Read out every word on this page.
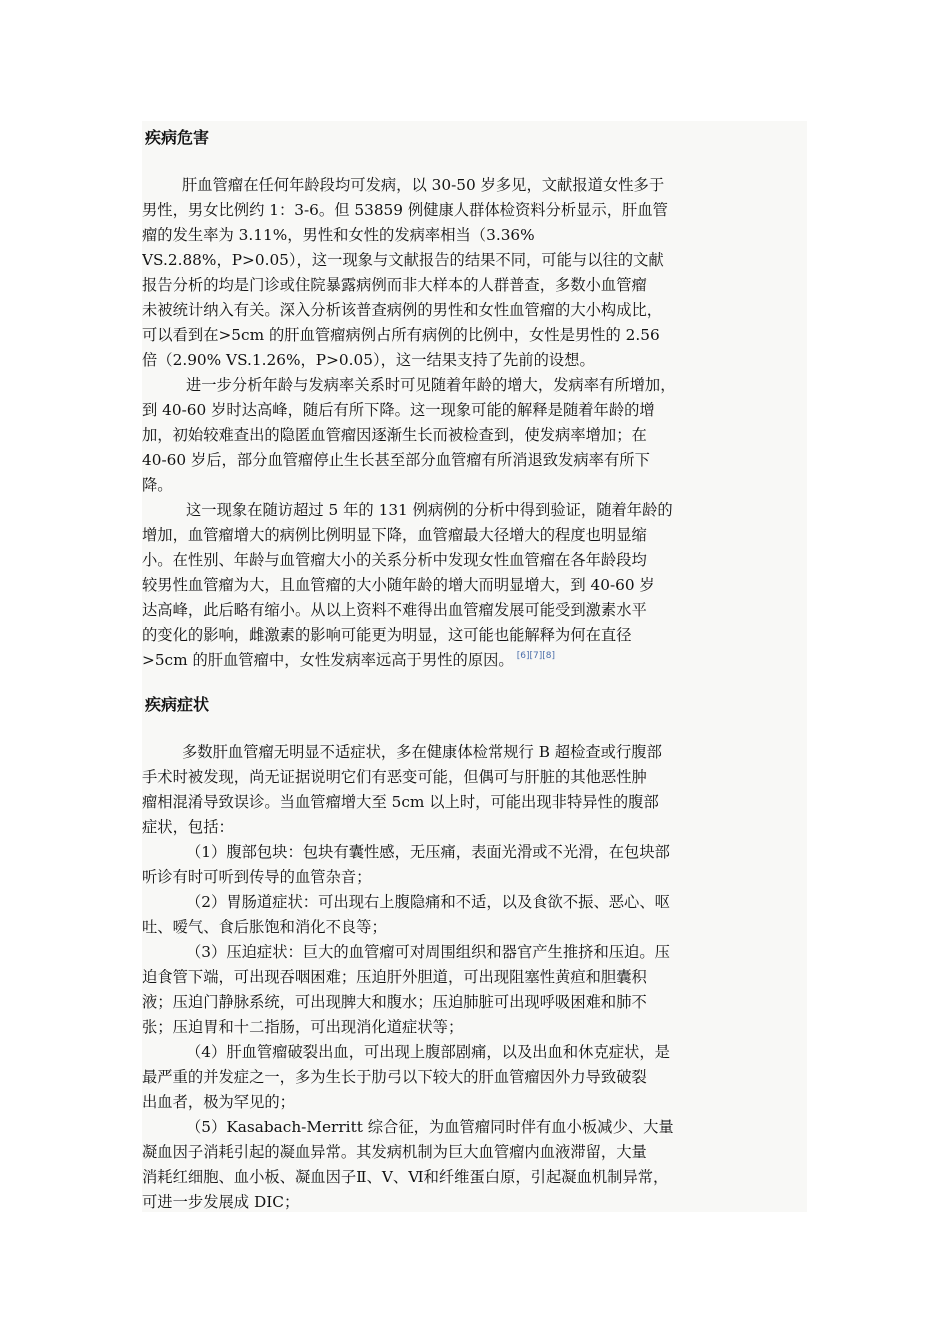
疾病危害
肝血管瘤在任何年龄段均可发病，以 30-50 岁多见，文献报道女性多于
男性，男女比例约 1：3-6。但 53859 例健康人群体检资料分析显示，肝血管
瘤的发生率为 3.11%，男性和女性的发病率相当（3.36%
VS.2.88%，P>0.05），这一现象与文献报告的结果不同，可能与以往的文献
报告分析的均是门诊或住院暴露病例而非大样本的人群普查，多数小血管瘤
未被统计纳入有关。深入分析该普查病例的男性和女性血管瘤的大小构成比，
可以看到在>5cm 的肝血管瘤病例占所有病例的比例中，女性是男性的 2.56
倍（2.90% VS.1.26%，P>0.05），这一结果支持了先前的设想。
进一步分析年龄与发病率关系时可见随着年龄的增大，发病率有所增加，
到 40-60 岁时达高峰，随后有所下降。这一现象可能的解释是随着年龄的增
加，初始较难查出的隐匿血管瘤因逐渐生长而被检查到，使发病率增加；在
40-60 岁后，部分血管瘤停止生长甚至部分血管瘤有所消退致发病率有所下
降。
这一现象在随访超过 5 年的 131 例病例的分析中得到验证，随着年龄的
增加，血管瘤增大的病例比例明显下降，血管瘤最大径增大的程度也明显缩
小。在性别、年龄与血管瘤大小的关系分析中发现女性血管瘤在各年龄段均
较男性血管瘤为大，且血管瘤的大小随年龄的增大而明显增大，到 40-60 岁
达高峰，此后略有缩小。从以上资料不难得出血管瘤发展可能受到激素水平
的变化的影响，雌激素的影响可能更为明显，这可能也能解释为何在直径
>5cm 的肝血管瘤中，女性发病率远高于男性的原因。 [6][7][8]
疾病症状
多数肝血管瘤无明显不适症状，多在健康体检常规行 B 超检查或行腹部
手术时被发现，尚无证据说明它们有恶变可能，但偶可与肝脏的其他恶性肿
瘤相混淆导致误诊。当血管瘤增大至 5cm 以上时，可能出现非特异性的腹部
症状，包括：
（1）腹部包块：包块有囊性感，无压痛，表面光滑或不光滑，在包块部
听诊有时可听到传导的血管杂音；
（2）胃肠道症状：可出现右上腹隐痛和不适，以及食欲不振、恶心、呕
吐、嗳气、食后胀饱和消化不良等；
（3）压迫症状：巨大的血管瘤可对周围组织和器官产生推挤和压迫。压
迫食管下端，可出现吞咽困难；压迫肝外胆道，可出现阻塞性黄疸和胆囊积
液；压迫门静脉系统，可出现脾大和腹水；压迫肺脏可出现呼吸困难和肺不
张；压迫胃和十二指肠，可出现消化道症状等；
（4）肝血管瘤破裂出血，可出现上腹部剧痛，以及出血和休克症状，是
最严重的并发症之一，多为生长于肋弓以下较大的肝血管瘤因外力导致破裂
出血者，极为罕见的；
（5）Kasabach-Merritt 综合征，为血管瘤同时伴有血小板减少、大量
凝血因子消耗引起的凝血异常。其发病机制为巨大血管瘤内血液滞留，大量
消耗红细胞、血小板、凝血因子Ⅱ、Ⅴ、Ⅵ和纤维蛋白原，引起凝血机制异常，
可进一步发展成 DIC；
